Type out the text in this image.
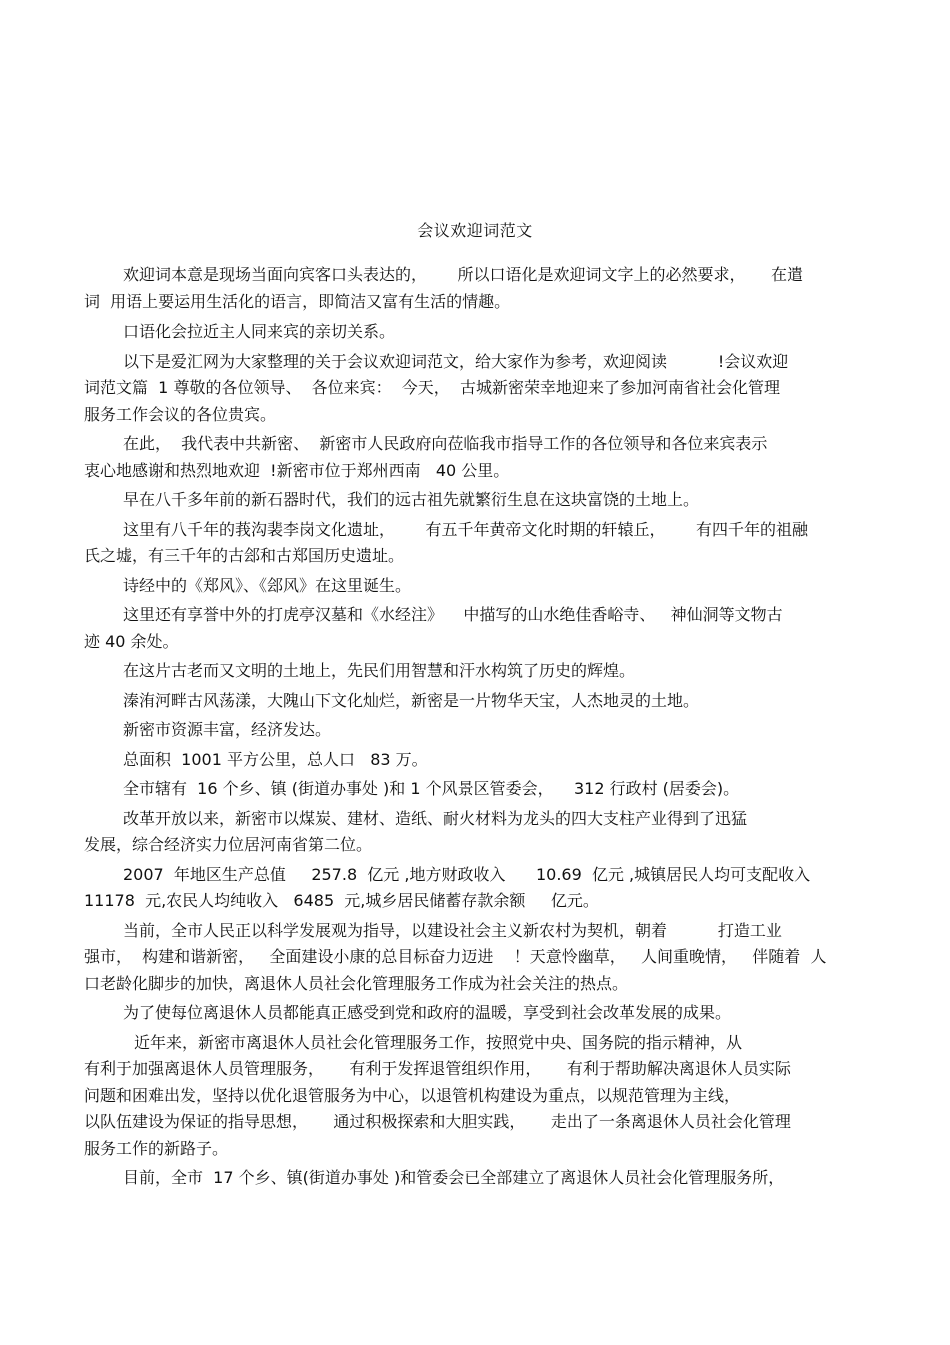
会议欢迎词范文
欢迎词本意是现场当面向宾客口头表达的，      所以口语化是欢迎词文字上的必然要求，     在遣
词  用语上要运用生活化的语言，即简洁又富有生活的情趣。
口语化会拉近主人同来宾的亲切关系。
以下是爱汇网为大家整理的关于会议欢迎词范文，给大家作为参考，欢迎阅读          !会议欢迎
词范文篇  1 尊敬的各位领导、  各位来宾：  今天，  古城新密荣幸地迎来了参加河南省社会化管理
服务工作会议的各位贵宾。
在此，  我代表中共新密、  新密市人民政府向莅临我市指导工作的各位领导和各位来宾表示
衷心地感谢和热烈地欢迎  !新密市位于郑州西南   40 公里。
早在八千多年前的新石器时代，我们的远古祖先就繁衍生息在这块富饶的土地上。
这里有八千年的莪沟裴李岗文化遗址，      有五千年黄帝文化时期的轩辕丘，      有四千年的祖融
氏之墟，有三千年的古郐和古郑国历史遗址。
诗经中的《郑风》、《郐风》在这里诞生。
这里还有享誉中外的打虎亭汉墓和《水经注》    中描写的山水绝佳香峪寺、   神仙洞等文物古
迹 40 余处。
在这片古老而又文明的土地上，先民们用智慧和汗水构筑了历史的辉煌。
溱洧河畔古风荡漾，大隗山下文化灿烂，新密是一片物华天宝，人杰地灵的土地。
新密市资源丰富，经济发达。
总面积  1001 平方公里，总人口   83 万。
全市辖有  16 个乡、镇 (街道办事处 )和 1 个风景区管委会，    312 行政村 (居委会)。
改革开放以来，新密市以煤炭、建材、造纸、耐火材料为龙头的四大支柱产业得到了迅猛
发展，综合经济实力位居河南省第二位。
2007  年地区生产总值     257.8  亿元 ,地方财政收入      10.69  亿元 ,城镇居民人均可支配收入
11178  元,农民人均纯收入   6485  元,城乡居民储蓄存款余额     亿元。
当前，全市人民正以科学发展观为指导，以建设社会主义新农村为契机，朝着          打造工业
强市，  构建和谐新密，   全面建设小康的总目标奋力迈进    ！天意怜幽草，   人间重晚情，   伴随着  人
口老龄化脚步的加快，离退休人员社会化管理服务工作成为社会关注的热点。
为了使每位离退休人员都能真正感受到党和政府的温暖，享受到社会改革发展的成果。
近年来，新密市离退休人员社会化管理服务工作，按照党中央、国务院的指示精神，从
有利于加强离退休人员管理服务，     有利于发挥退管组织作用，     有利于帮助解决离退休人员实际
问题和困难出发，坚持以优化退管服务为中心，以退管机构建设为重点，以规范管理为主线，
以队伍建设为保证的指导思想，     通过积极探索和大胆实践，     走出了一条离退休人员社会化管理
服务工作的新路子。
目前，全市  17 个乡、镇(街道办事处 )和管委会已全部建立了离退休人员社会化管理服务所，
